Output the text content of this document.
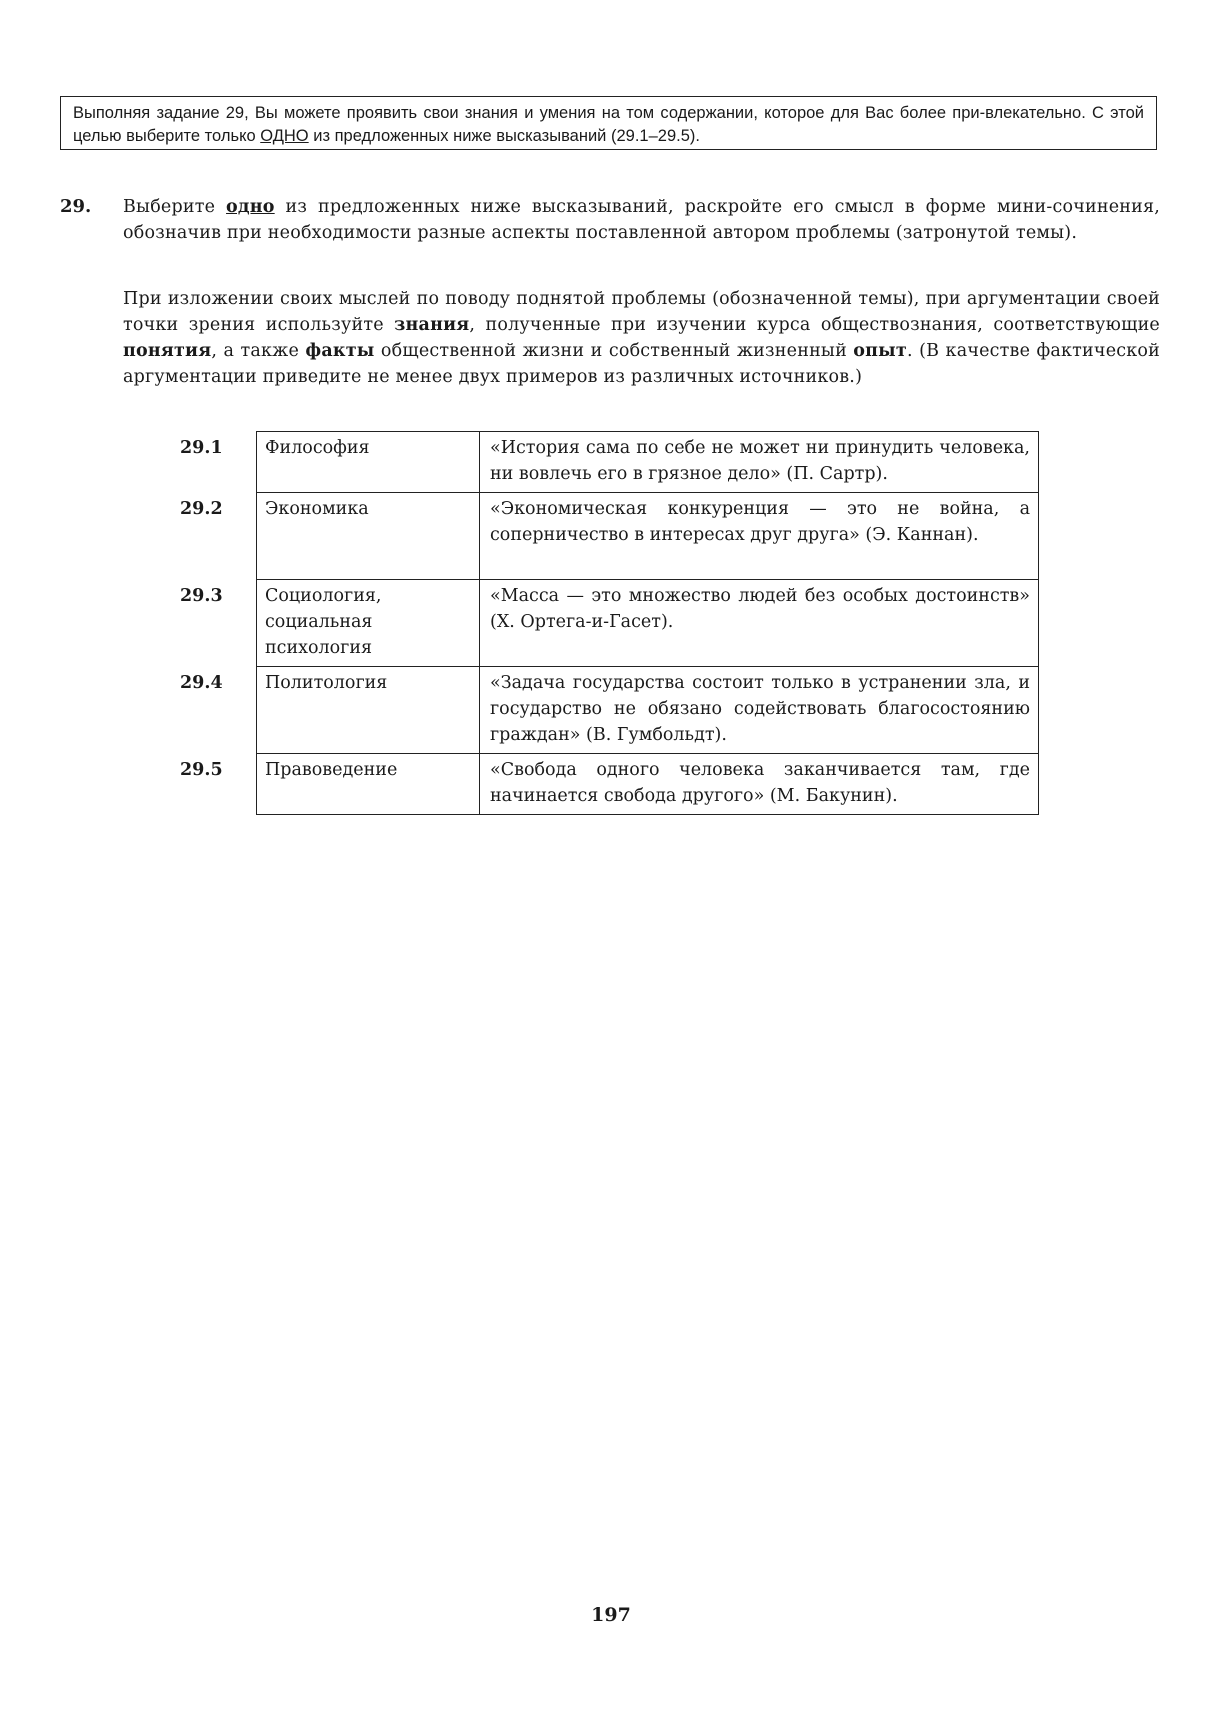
Выполняя задание 29, Вы можете проявить свои знания и умения на том содержании, которое для Вас более при-влекательно. С этой целью выберите только ОДНО из предложенных ниже высказываний (29.1–29.5).
29. Выберите одно из предложенных ниже высказываний, раскройте его смысл в форме мини-сочинения, обозначив при необходимости разные аспекты поставленной автором проблемы (затронутой темы).
При изложении своих мыслей по поводу поднятой проблемы (обозначенной темы), при аргументации своей точки зрения используйте знания, полученные при изучении курса обществознания, соответствующие понятия, а также факты общественной жизни и собственный жизненный опыт. (В качестве фактической аргументации приведите не менее двух примеров из различных источников.)
29.1	Философия	«История сама по себе не может ни принудить человека, ни вовлечь его в грязное дело» (П. Сартр).
29.2	Экономика	«Экономическая конкуренция — это не война, а соперничество в интересах друг друга» (Э. Каннан).
29.3	Социология, социальная психология	«Масса — это множество людей без особых достоинств» (X. Ортега-и-Гасет).
29.4	Политология	«Задача государства состоит только в устранении зла, и государство не обязано содействовать благосостоянию граждан» (В. Гумбольдт).
29.5	Правоведение	«Свобода одного человека заканчивается там, где начинается свобода другого» (М. Бакунин).
197
